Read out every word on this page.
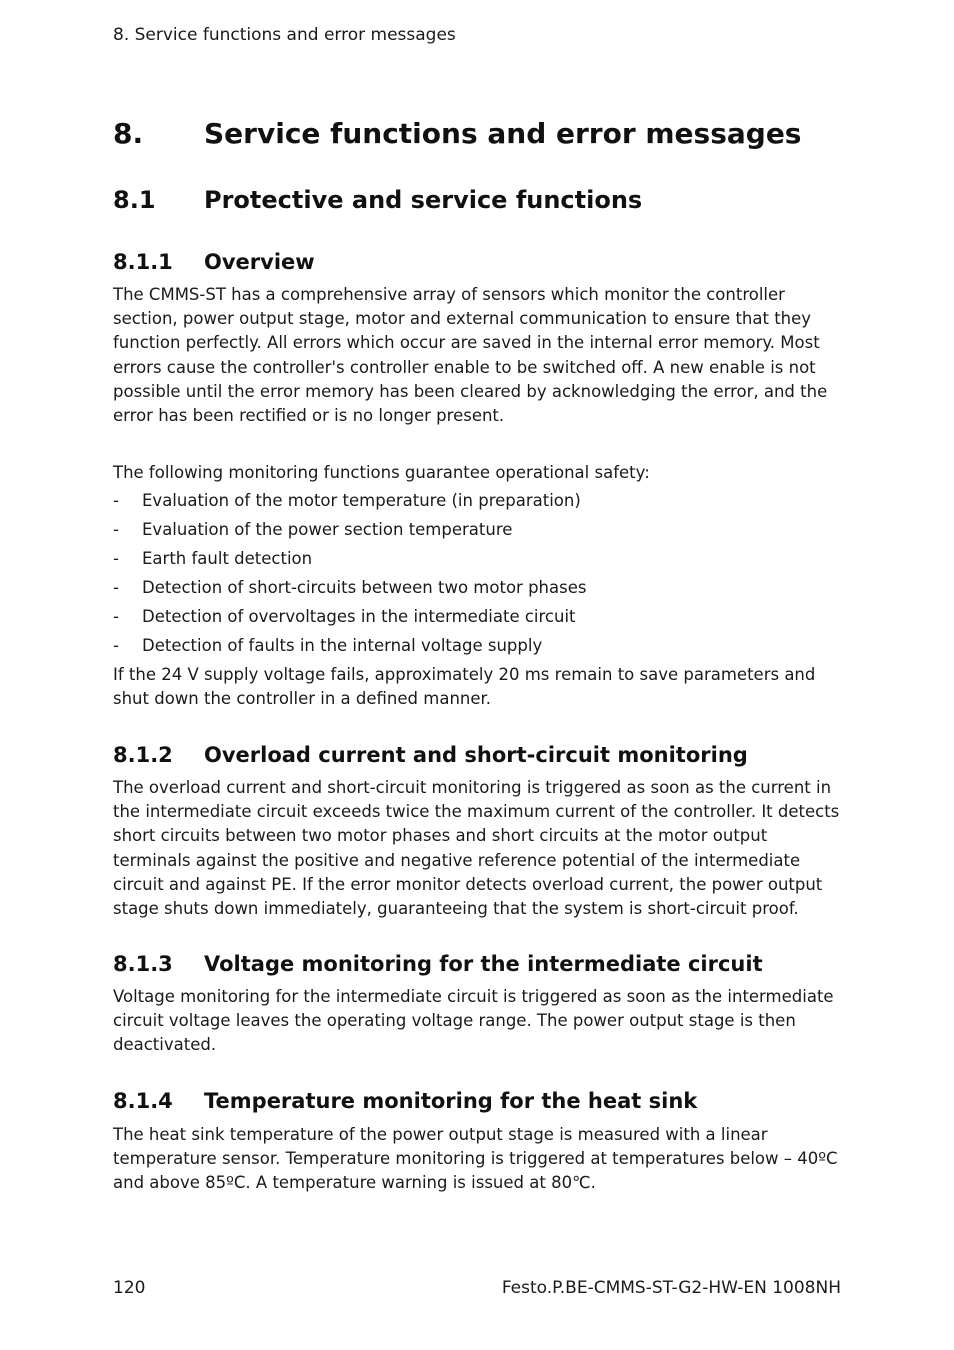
8. Service functions and error messages
8.	Service functions and error messages
8.1	Protective and service functions
8.1.1	Overview

The CMMS-ST has a comprehensive array of sensors which monitor the controller section, power output stage, motor and external communication to ensure that they function perfectly. All errors which occur are saved in the internal error memory. Most errors cause the controller's controller enable to be switched off. A new enable is not possible until the error memory has been cleared by acknowledging the error, and the error has been rectified or is no longer present.

The following monitoring functions guarantee operational safety:

-	Evaluation of the motor temperature (in preparation)
-	Evaluation of the power section temperature
-	Earth fault detection
-	Detection of short-circuits between two motor phases
-	Detection of overvoltages in the intermediate circuit
-	Detection of faults in the internal voltage supply

If the 24 V supply voltage fails, approximately 20 ms remain to save parameters and shut down the controller in a defined manner.

8.1.2	Overload current and short-circuit monitoring

The overload current and short-circuit monitoring is triggered as soon as the current in the intermediate circuit exceeds twice the maximum current of the controller. It detects short circuits between two motor phases and short circuits at the motor output terminals against the positive and negative reference potential of the intermediate circuit and against PE. If the error monitor detects overload current, the power output stage shuts down immediately, guaranteeing that the system is short-circuit proof.

8.1.3	Voltage monitoring for the intermediate circuit

Voltage monitoring for the intermediate circuit is triggered as soon as the intermediate circuit voltage leaves the operating voltage range. The power output stage is then deactivated.

8.1.4	Temperature monitoring for the heat sink

The heat sink temperature of the power output stage is measured with a linear temperature sensor. Temperature monitoring is triggered at temperatures below – 40ºC and above 85ºC. A temperature warning is issued at 80℃.

120	Festo.P.BE-CMMS-ST-G2-HW-EN 1008NH
